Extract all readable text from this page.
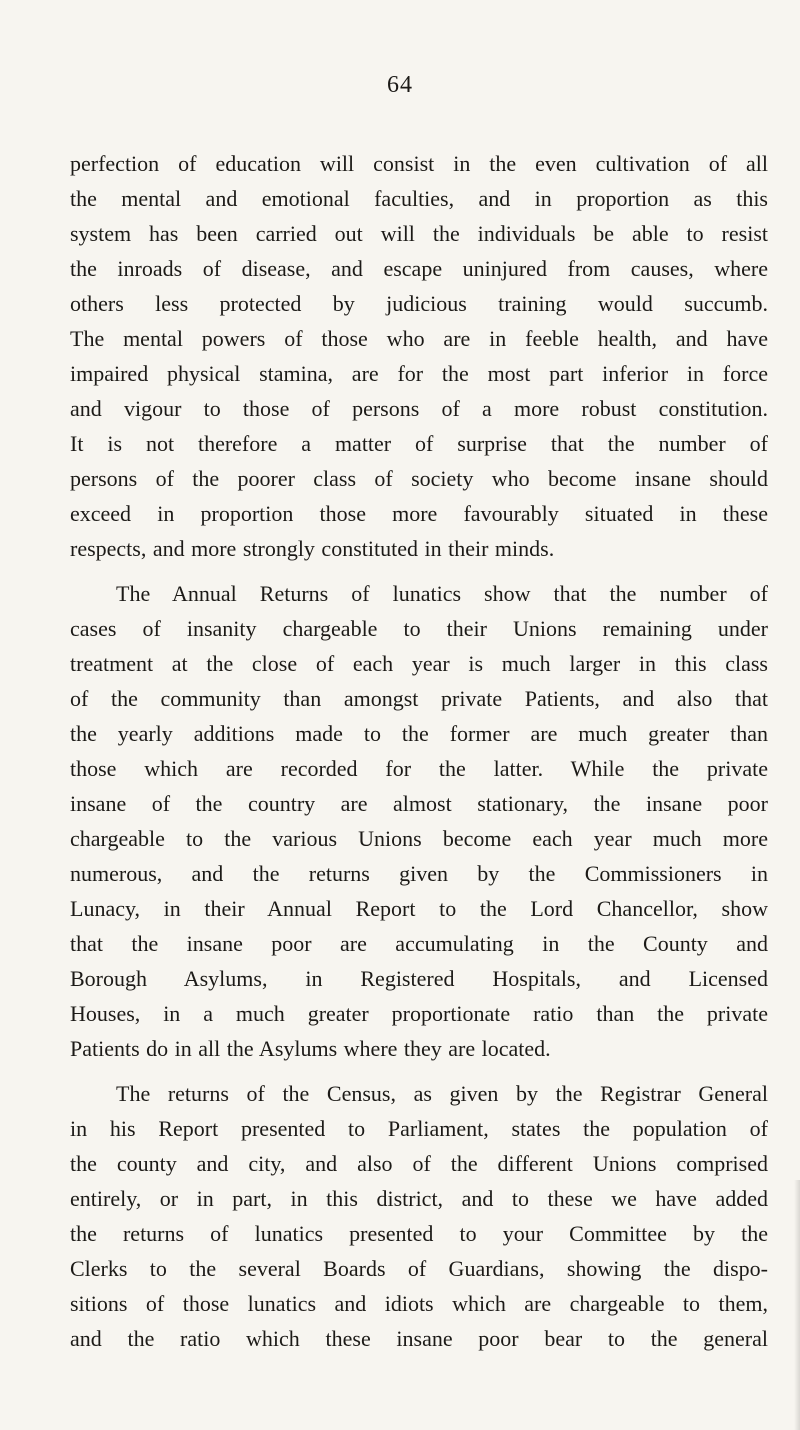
64

perfection of education will consist in the even cultivation of all
the mental and emotional faculties, and in proportion as this
system has been carried out will the individuals be able to resist
the inroads of disease, and escape uninjured from causes, where
others less protected by judicious training would succumb.
The mental powers of those who are in feeble health, and have
impaired physical stamina, are for the most part inferior in force
and vigour to those of persons of a more robust constitution.
It is not therefore a matter of surprise that the number of
persons of the poorer class of society who become insane should
exceed in proportion those more favourably situated in these
respects, and more strongly constituted in their minds.

The Annual Returns of lunatics show that the number of
cases of insanity chargeable to their Unions remaining under
treatment at the close of each year is much larger in this class
of the community than amongst private Patients, and also that
the yearly additions made to the former are much greater than
those which are recorded for the latter. While the private
insane of the country are almost stationary, the insane poor
chargeable to the various Unions become each year much more
numerous, and the returns given by the Commissioners in
Lunacy, in their Annual Report to the Lord Chancellor, show
that the insane poor are accumulating in the County and
Borough Asylums, in Registered Hospitals, and Licensed
Houses, in a much greater proportionate ratio than the private
Patients do in all the Asylums where they are located.

The returns of the Census, as given by the Registrar General
in his Report presented to Parliament, states the population of
the county and city, and also of the different Unions comprised
entirely, or in part, in this district, and to these we have added
the returns of lunatics presented to your Committee by the
Clerks to the several Boards of Guardians, showing the dispo-
sitions of those lunatics and idiots which are chargeable to them,
and the ratio which these insane poor bear to the general
